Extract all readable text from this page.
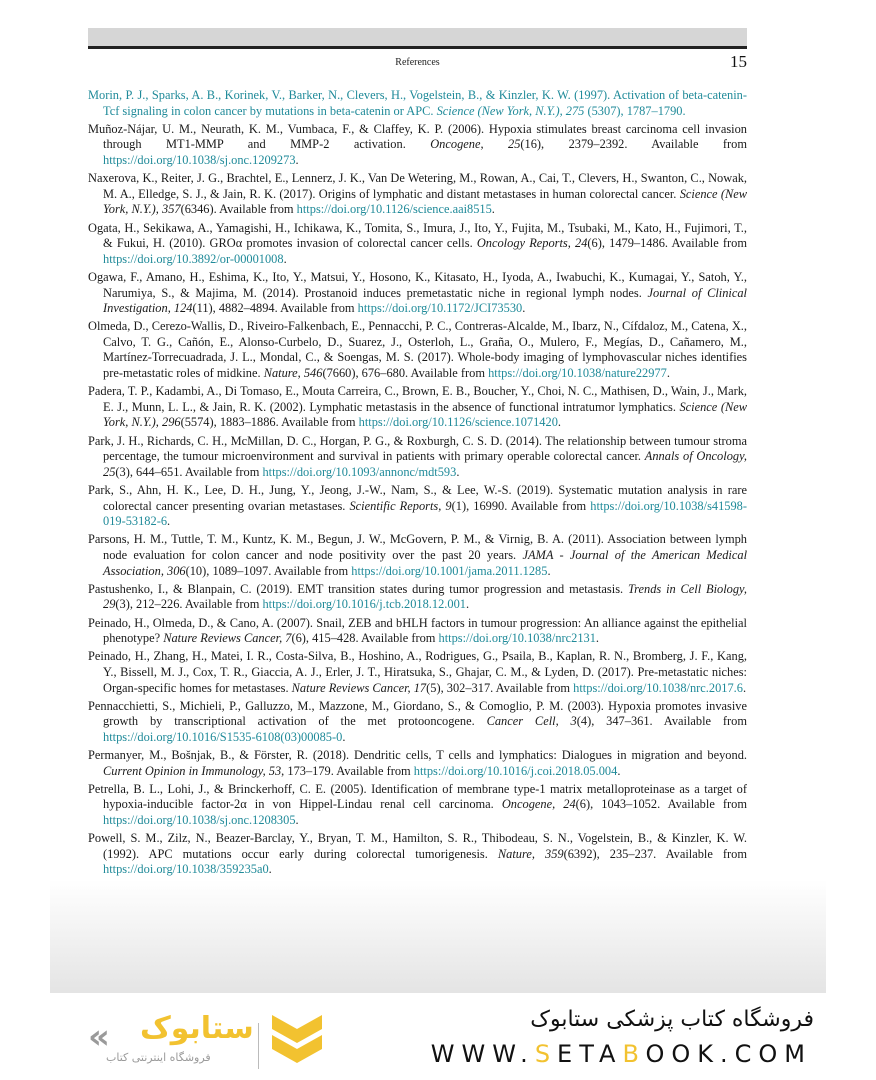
References	15

Morin, P. J., Sparks, A. B., Korinek, V., Barker, N., Clevers, H., Vogelstein, B., & Kinzler, K. W. (1997). Activation of beta-catenin-Tcf signaling in colon cancer by mutations in beta-catenin or APC. Science (New York, N.Y.), 275 (5307), 1787–1790.

Muñoz-Nájar, U. M., Neurath, K. M., Vumbaca, F., & Claffey, K. P. (2006). Hypoxia stimulates breast carcinoma cell invasion through MT1-MMP and MMP-2 activation. Oncogene, 25(16), 2379–2392. Available from https://doi.org/10.1038/sj.onc.1209273.

Naxerova, K., Reiter, J. G., Brachtel, E., Lennerz, J. K., Van De Wetering, M., Rowan, A., Cai, T., Clevers, H., Swanton, C., Nowak, M. A., Elledge, S. J., & Jain, R. K. (2017). Origins of lymphatic and distant metastases in human colorectal cancer. Science (New York, N.Y.), 357(6346). Available from https://doi.org/10.1126/science.aai8515.

Ogata, H., Sekikawa, A., Yamagishi, H., Ichikawa, K., Tomita, S., Imura, J., Ito, Y., Fujita, M., Tsubaki, M., Kato, H., Fujimori, T., & Fukui, H. (2010). GROα promotes invasion of colorectal cancer cells. Oncology Reports, 24(6), 1479–1486. Available from https://doi.org/10.3892/or-00001008.

Ogawa, F., Amano, H., Eshima, K., Ito, Y., Matsui, Y., Hosono, K., Kitasato, H., Iyoda, A., Iwabuchi, K., Kumagai, Y., Satoh, Y., Narumiya, S., & Majima, M. (2014). Prostanoid induces premetastatic niche in regional lymph nodes. Journal of Clinical Investigation, 124(11), 4882–4894. Available from https://doi.org/10.1172/JCI73530.

Olmeda, D., Cerezo-Wallis, D., Riveiro-Falkenbach, E., Pennacchi, P. C., Contreras-Alcalde, M., Ibarz, N., Cífdaloz, M., Catena, X., Calvo, T. G., Cañón, E., Alonso-Curbelo, D., Suarez, J., Osterloh, L., Graña, O., Mulero, F., Megías, D., Cañamero, M., Martínez-Torrecuadrada, J. L., Mondal, C., & Soengas, M. S. (2017). Whole-body imaging of lymphovascular niches identifies pre-metastatic roles of midkine. Nature, 546(7660), 676–680. Available from https://doi.org/10.1038/nature22977.

Padera, T. P., Kadambi, A., Di Tomaso, E., Mouta Carreira, C., Brown, E. B., Boucher, Y., Choi, N. C., Mathisen, D., Wain, J., Mark, E. J., Munn, L. L., & Jain, R. K. (2002). Lymphatic metastasis in the absence of functional intratumor lymphatics. Science (New York, N.Y.), 296(5574), 1883–1886. Available from https://doi.org/10.1126/science.1071420.

Park, J. H., Richards, C. H., McMillan, D. C., Horgan, P. G., & Roxburgh, C. S. D. (2014). The relationship between tumour stroma percentage, the tumour microenvironment and survival in patients with primary operable colorectal cancer. Annals of Oncology, 25(3), 644–651. Available from https://doi.org/10.1093/annonc/mdt593.

Park, S., Ahn, H. K., Lee, D. H., Jung, Y., Jeong, J.-W., Nam, S., & Lee, W.-S. (2019). Systematic mutation analysis in rare colorectal cancer presenting ovarian metastases. Scientific Reports, 9(1), 16990. Available from https://doi.org/10.1038/s41598-019-53182-6.

Parsons, H. M., Tuttle, T. M., Kuntz, K. M., Begun, J. W., McGovern, P. M., & Virnig, B. A. (2011). Association between lymph node evaluation for colon cancer and node positivity over the past 20 years. JAMA - Journal of the American Medical Association, 306(10), 1089–1097. Available from https://doi.org/10.1001/jama.2011.1285.

Pastushenko, I., & Blanpain, C. (2019). EMT transition states during tumor progression and metastasis. Trends in Cell Biology, 29(3), 212–226. Available from https://doi.org/10.1016/j.tcb.2018.12.001.

Peinado, H., Olmeda, D., & Cano, A. (2007). Snail, ZEB and bHLH factors in tumour progression: An alliance against the epithelial phenotype? Nature Reviews Cancer, 7(6), 415–428. Available from https://doi.org/10.1038/nrc2131.

Peinado, H., Zhang, H., Matei, I. R., Costa-Silva, B., Hoshino, A., Rodrigues, G., Psaila, B., Kaplan, R. N., Bromberg, J. F., Kang, Y., Bissell, M. J., Cox, T. R., Giaccia, A. J., Erler, J. T., Hiratsuka, S., Ghajar, C. M., & Lyden, D. (2017). Pre-metastatic niches: Organ-specific homes for metastases. Nature Reviews Cancer, 17(5), 302–317. Available from https://doi.org/10.1038/nrc.2017.6.

Pennacchietti, S., Michieli, P., Galluzzo, M., Mazzone, M., Giordano, S., & Comoglio, P. M. (2003). Hypoxia promotes invasive growth by transcriptional activation of the met protooncogene. Cancer Cell, 3(4), 347–361. Available from https://doi.org/10.1016/S1535-6108(03)00085-0.

Permanyer, M., Bošnjak, B., & Förster, R. (2018). Dendritic cells, T cells and lymphatics: Dialogues in migration and beyond. Current Opinion in Immunology, 53, 173–179. Available from https://doi.org/10.1016/j.coi.2018.05.004.

Petrella, B. L., Lohi, J., & Brinckerhoff, C. E. (2005). Identification of membrane type-1 matrix metalloproteinase as a target of hypoxia-inducible factor-2α in von Hippel-Lindau renal cell carcinoma. Oncogene, 24(6), 1043–1052. Available from https://doi.org/10.1038/sj.onc.1208305.

Powell, S. M., Zilz, N., Beazer-Barclay, Y., Bryan, T. M., Hamilton, S. R., Thibodeau, S. N., Vogelstein, B., & Kinzler, K. W. (1992). APC mutations occur early during colorectal tumorigenesis. Nature, 359(6392), 235–237. Available from https://doi.org/10.1038/359235a0.

« ستابوک
فروشگاه اینترنتی کتاب
فروشگاه کتاب پزشکی ستابوک
WWW.SETABOOK.COM
